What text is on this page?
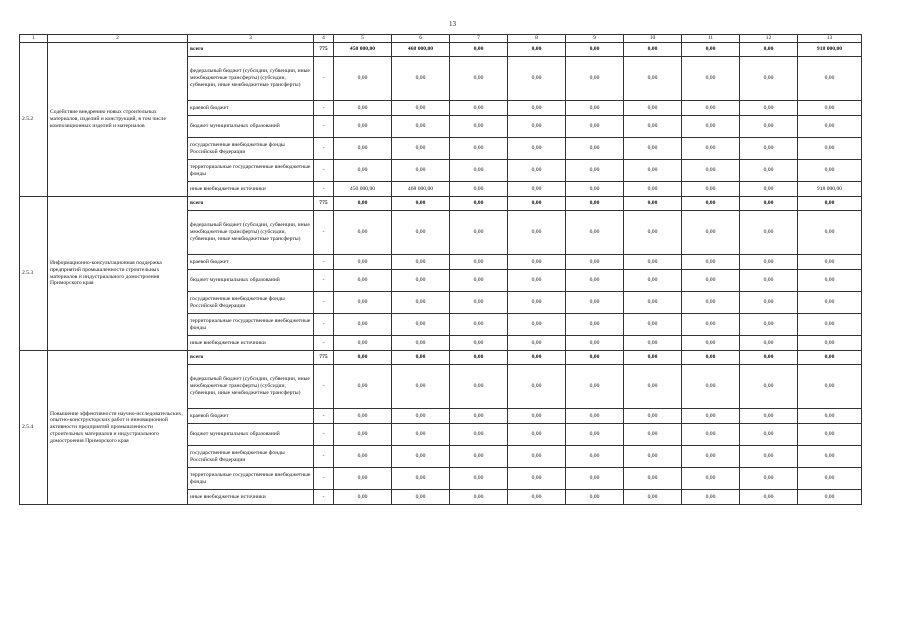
13
1	2	3	4	5	6	7	8	9	10	11	12	13
2.5.2	Содействие внедрению новых строительных материалов, изделий и конструкций, в том числе композиционных изделий и материалов	всего	775	450 000,00	468 000,00	0,00	0,00	0,00	0,00	0,00	0,00	918 000,00
		федеральный бюджет (субсидии, субвенции, иные межбюджетные трансферты) (субсидии, субвенции, иные межбюджетные трансферты)	-	0,00	0,00	0,00	0,00	0,00	0,00	0,00	0,00	0,00
		краевой бюджет	-	0,00	0,00	0,00	0,00	0,00	0,00	0,00	0,00	0,00
		бюджет муниципальных образований	-	0,00	0,00	0,00	0,00	0,00	0,00	0,00	0,00	0,00
		государственные внебюджетные фонды Российской Федерации	-	0,00	0,00	0,00	0,00	0,00	0,00	0,00	0,00	0,00
		территориальные государственные внебюджетные фонды	-	0,00	0,00	0,00	0,00	0,00	0,00	0,00	0,00	0,00
		иные внебюджетные источники	-	450 000,00	468 000,00	0,00	0,00	0,00	0,00	0,00	0,00	918 000,00
2.5.3	Информационно-консультационная поддержка предприятий промышленности строительных материалов и индустриального домостроения Приморского края	всего	775	0,00	0,00	0,00	0,00	0,00	0,00	0,00	0,00	0,00
		федеральный бюджет (субсидии, субвенции, иные межбюджетные трансферты) (субсидии, субвенции, иные межбюджетные трансферты)	-	0,00	0,00	0,00	0,00	0,00	0,00	0,00	0,00	0,00
		краевой бюджет	-	0,00	0,00	0,00	0,00	0,00	0,00	0,00	0,00	0,00
		бюджет муниципальных образований	-	0,00	0,00	0,00	0,00	0,00	0,00	0,00	0,00	0,00
		государственные внебюджетные фонды Российской Федерации	-	0,00	0,00	0,00	0,00	0,00	0,00	0,00	0,00	0,00
		территориальные государственные внебюджетные фонды	-	0,00	0,00	0,00	0,00	0,00	0,00	0,00	0,00	0,00
		иные внебюджетные источники	-	0,00	0,00	0,00	0,00	0,00	0,00	0,00	0,00	0,00
2.5.4	Повышение эффективности научно-исследовательских, опытно-конструкторских работ и инновационной активности предприятий промышленности строительных материалов и индустриального домостроения Приморского края	всего	775	0,00	0,00	0,00	0,00	0,00	0,00	0,00	0,00	0,00
		федеральный бюджет (субсидии, субвенции, иные межбюджетные трансферты) (субсидии, субвенции, иные межбюджетные трансферты)	-	0,00	0,00	0,00	0,00	0,00	0,00	0,00	0,00	0,00
		краевой бюджет	-	0,00	0,00	0,00	0,00	0,00	0,00	0,00	0,00	0,00
		бюджет муниципальных образований	-	0,00	0,00	0,00	0,00	0,00	0,00	0,00	0,00	0,00
		государственные внебюджетные фонды Российской Федерации	-	0,00	0,00	0,00	0,00	0,00	0,00	0,00	0,00	0,00
		территориальные государственные внебюджетные фонды	-	0,00	0,00	0,00	0,00	0,00	0,00	0,00	0,00	0,00
		иные внебюджетные источники	-	0,00	0,00	0,00	0,00	0,00	0,00	0,00	0,00	0,00
